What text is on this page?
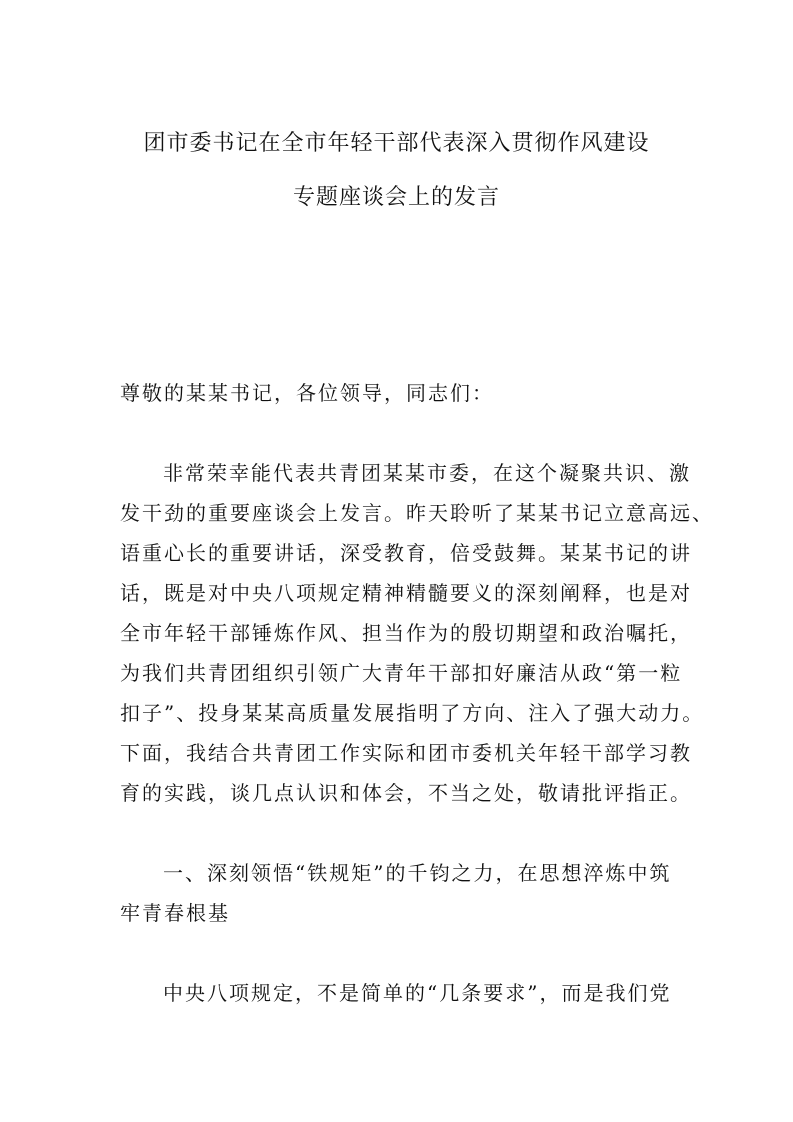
团市委书记在全市年轻干部代表深入贯彻作风建设
专题座谈会上的发言
尊敬的某某书记，各位领导，同志们：
非常荣幸能代表共青团某某市委，在这个凝聚共识、激
发干劲的重要座谈会上发言。昨天聆听了某某书记立意高远、
语重心长的重要讲话，深受教育，倍受鼓舞。某某书记的讲
话，既是对中央八项规定精神精髓要义的深刻阐释，也是对
全市年轻干部锤炼作风、担当作为的殷切期望和政治嘱托，
为我们共青团组织引领广大青年干部扣好廉洁从政“第一粒
扣子”、投身某某高质量发展指明了方向、注入了强大动力。
下面，我结合共青团工作实际和团市委机关年轻干部学习教
育的实践，谈几点认识和体会，不当之处，敬请批评指正。
一、深刻领悟“铁规矩”的千钧之力，在思想淬炼中筑
牢青春根基
中央八项规定，不是简单的“几条要求”，而是我们党
